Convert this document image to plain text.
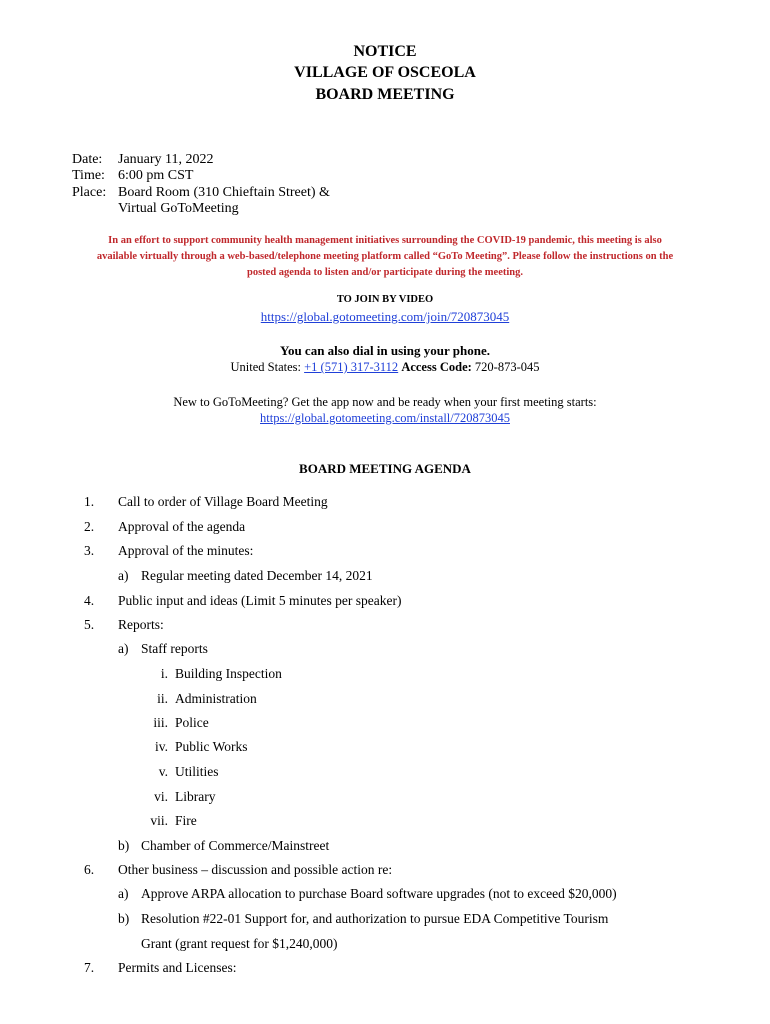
NOTICE
VILLAGE OF OSCEOLA
BOARD MEETING
Date: January 11, 2022
Time: 6:00 pm CST
Place: Board Room (310 Chieftain Street) &
Virtual GoToMeeting
In an effort to support community health management initiatives surrounding the COVID-19 pandemic, this meeting is also
available virtually through a web-based/telephone meeting platform called “GoTo Meeting”. Please follow the instructions on the
posted agenda to listen and/or participate during the meeting.
TO JOIN BY VIDEO
https://global.gotomeeting.com/join/720873045
You can also dial in using your phone.
United States: +1 (571) 317-3112 Access Code: 720-873-045
New to GoToMeeting? Get the app now and be ready when your first meeting starts:
https://global.gotomeeting.com/install/720873045
BOARD MEETING AGENDA
1. Call to order of Village Board Meeting
2. Approval of the agenda
3. Approval of the minutes:
a) Regular meeting dated December 14, 2021
4. Public input and ideas (Limit 5 minutes per speaker)
5. Reports:
a) Staff reports
i. Building Inspection
ii. Administration
iii. Police
iv. Public Works
v. Utilities
vi. Library
vii. Fire
b) Chamber of Commerce/Mainstreet
6. Other business – discussion and possible action re:
a) Approve ARPA allocation to purchase Board software upgrades (not to exceed $20,000)
b) Resolution #22-01 Support for, and authorization to pursue EDA Competitive Tourism
Grant (grant request for $1,240,000)
7. Permits and Licenses:
